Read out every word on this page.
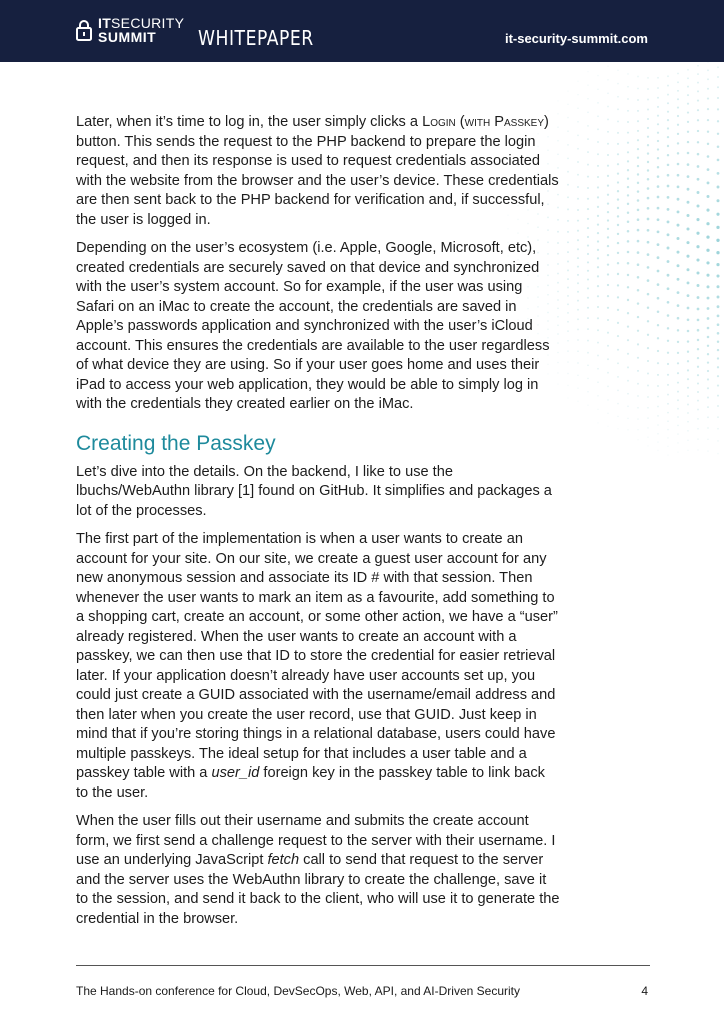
ITSECURITY
SUMMIT WHITEPAPER	it-security-summit.com

Later, when it’s time to log in, the user simply clicks a Login (with Passkey) button. This sends the request to the PHP backend to prepare the login request, and then its response is used to request credentials associated with the website from the browser and the user’s device. These credentials are then sent back to the PHP backend for verification and, if successful, the user is logged in.

Depending on the user’s ecosystem (i.e. Apple, Google, Microsoft, etc), created credentials are securely saved on that device and synchronized with the user’s system account. So for example, if the user was using Safari on an iMac to create the account, the credentials are saved in Apple’s passwords application and synchronized with the user’s iCloud account. This ensures the credentials are available to the user regardless of what device they are using. So if your user goes home and uses their iPad to access your web application, they would be able to simply log in with the credentials they created earlier on the iMac.

Creating the Passkey

Let’s dive into the details. On the backend, I like to use the lbuchs/WebAuthn library [1] found on GitHub. It simplifies and packages a lot of the processes.

The first part of the implementation is when a user wants to create an account for your site. On our site, we create a guest user account for any new anonymous session and associate its ID # with that session. Then whenever the user wants to mark an item as a favourite, add something to a shopping cart, create an account, or some other action, we have a “user” already registered. When the user wants to create an account with a passkey, we can then use that ID to store the credential for easier retrieval later. If your application doesn’t already have user accounts set up, you could just create a GUID associated with the username/email address and then later when you create the user record, use that GUID. Just keep in mind that if you’re storing things in a relational database, users could have multiple passkeys. The ideal setup for that includes a user table and a passkey table with a user_id foreign key in the passkey table to link back to the user.

When the user fills out their username and submits the create account form, we first send a challenge request to the server with their username. I use an underlying JavaScript fetch call to send that request to the server and the server uses the WebAuthn library to create the challenge, save it to the session, and send it back to the client, who will use it to generate the credential in the browser.

The Hands-on conference for Cloud, DevSecOps, Web, API, and AI-Driven Security	4
